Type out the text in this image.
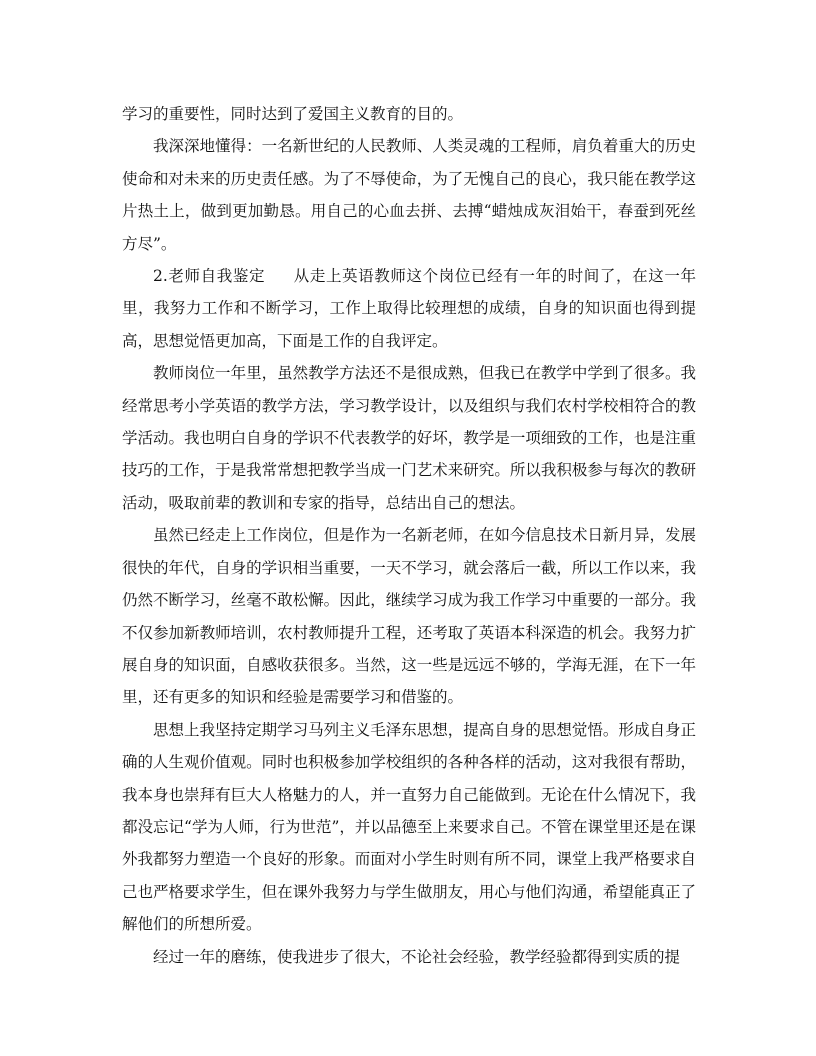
学习的重要性，同时达到了爱国主义教育的目的。

我深深地懂得：一名新世纪的人民教师、人类灵魂的工程师，肩负着重大的历史使命和对未来的历史责任感。为了不辱使命，为了无愧自己的良心，我只能在教学这片热土上，做到更加勤恳。用自己的心血去拼、去搏“蜡烛成灰泪始干，春蚕到死丝方尽”。

2.老师自我鉴定 从走上英语教师这个岗位已经有一年的时间了，在这一年里，我努力工作和不断学习，工作上取得比较理想的成绩，自身的知识面也得到提高，思想觉悟更加高，下面是工作的自我评定。

教师岗位一年里，虽然教学方法还不是很成熟，但我已在教学中学到了很多。我经常思考小学英语的教学方法，学习教学设计，以及组织与我们农村学校相符合的教学活动。我也明白自身的学识不代表教学的好坏，教学是一项细致的工作，也是注重技巧的工作，于是我常常想把教学当成一门艺术来研究。所以我积极参与每次的教研活动，吸取前辈的教训和专家的指导，总结出自己的想法。

虽然已经走上工作岗位，但是作为一名新老师，在如今信息技术日新月异，发展很快的年代，自身的学识相当重要，一天不学习，就会落后一截，所以工作以来，我仍然不断学习，丝毫不敢松懈。因此，继续学习成为我工作学习中重要的一部分。我不仅参加新教师培训，农村教师提升工程，还考取了英语本科深造的机会。我努力扩展自身的知识面，自感收获很多。当然，这一些是远远不够的，学海无涯，在下一年里，还有更多的知识和经验是需要学习和借鉴的。

思想上我坚持定期学习马列主义毛泽东思想，提高自身的思想觉悟。形成自身正确的人生观价值观。同时也积极参加学校组织的各种各样的活动，这对我很有帮助，我本身也崇拜有巨大人格魅力的人，并一直努力自己能做到。无论在什么情况下，我都没忘记“学为人师，行为世范”，并以品德至上来要求自己。不管在课堂里还是在课外我都努力塑造一个良好的形象。而面对小学生时则有所不同，课堂上我严格要求自己也严格要求学生，但在课外我努力与学生做朋友，用心与他们沟通，希望能真正了解他们的所想所爱。

经过一年的磨练，使我进步了很大，不论社会经验，教学经验都得到实质的提
